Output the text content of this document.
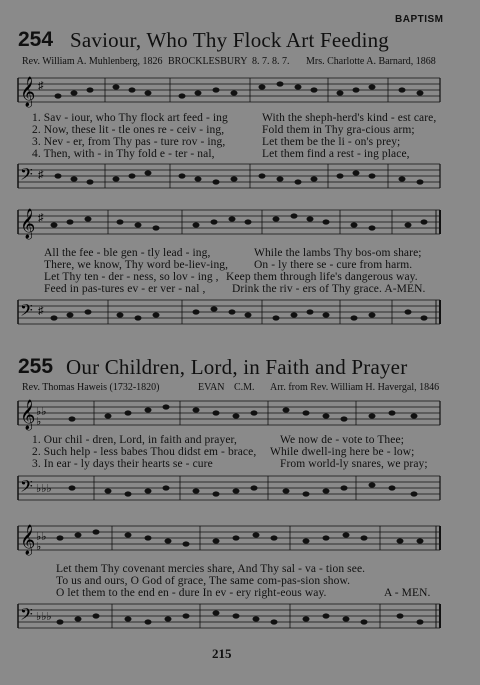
BAPTISM
254 Saviour, Who Thy Flock Art Feeding
Rev. William A. Muhlenberg, 1826 BROCKLESBURY 8. 7. 8. 7. Mrs. Charlotte A. Barnard, 1868
𝄞 ♯
1. Sav - iour, who Thy flock art feed - ing	With the sheph-herd's kind - est care,
2. Now, these lit - tle ones re - ceiv - ing,	Fold them in Thy gra-cious arm;
3. Nev - er, from Thy pas - ture rov - ing,	Let them be the li - on's prey;
4. Then, with - in Thy fold e - ter - nal,	Let them find a rest - ing place,
𝄢 ♯
𝄞 ♯
All the fee - ble gen - tly lead - ing,	While the lambs Thy bos-om share;
There, we know, Thy word be-liev-ing, On - ly there se - cure from harm.
Let Thy ten - der - ness, so lov - ing , Keep them through life's dangerous way.
Feed in pas-tures ev - er ver - nal , Drink the riv - ers of Thy grace. A-MEN.
𝄢 ♯
255 Our Children, Lord, in Faith and Prayer
Rev. Thomas Haweis (1732-1820)	EVAN C.M. Arr. from Rev. William H. Havergal, 1846
𝄞 ♭♭
♭
1. Our chil - dren, Lord, in faith and prayer,	We now de - vote to Thee;
2. Such help - less babes Thou didst em - brace, While dwell-ing here be - low;
3. In ear - ly days their hearts se - cure	From world-ly snares, we pray;
𝄢 ♭♭♭
𝄞 ♭♭
♭
Let them Thy covenant mercies share, And Thy sal - va - tion see.
To us and ours, O God of grace, The same com-pas-sion show.
O let them to the end en - dure In ev - ery right-eous way.	A - MEN.
𝄢 ♭♭♭
215
